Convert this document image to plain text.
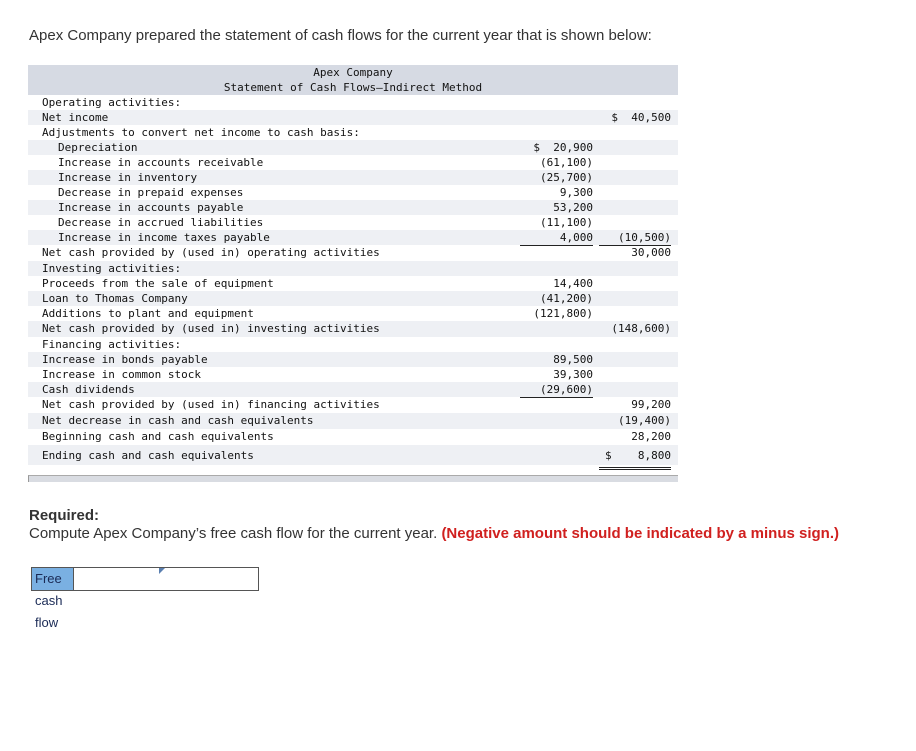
Apex Company prepared the statement of cash flows for the current year that is shown below:
Apex Company
Statement of Cash Flows—Indirect Method
Operating activities:
Net income	$  40,500
Adjustments to convert net income to cash basis:
Depreciation	$  20,900
Increase in accounts receivable	(61,100)
Increase in inventory	(25,700)
Decrease in prepaid expenses	9,300
Increase in accounts payable	53,200
Decrease in accrued liabilities	(11,100)
Increase in income taxes payable	4,000	(10,500)
Net cash provided by (used in) operating activities	30,000
Investing activities:
Proceeds from the sale of equipment	14,400
Loan to Thomas Company	(41,200)
Additions to plant and equipment	(121,800)
Net cash provided by (used in) investing activities	(148,600)
Financing activities:
Increase in bonds payable	89,500
Increase in common stock	39,300
Cash dividends	(29,600)
Net cash provided by (used in) financing activities	99,200
Net decrease in cash and cash equivalents	(19,400)
Beginning cash and cash equivalents	28,200
Ending cash and cash equivalents	$ 8,800
Required:
Compute Apex Company’s free cash flow for the current year. (Negative amount should be indicated by a minus sign.)
Free cash flow
